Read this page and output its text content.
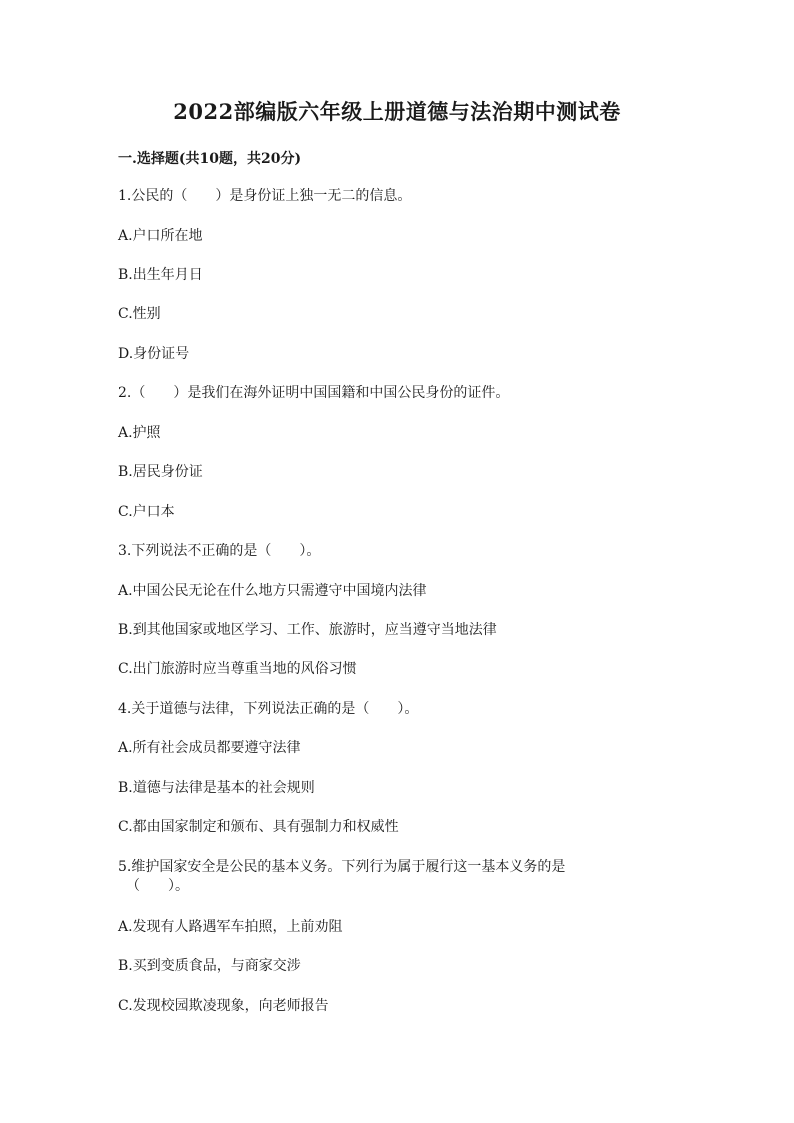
2022部编版六年级上册道德与法治期中测试卷
一.选择题(共10题，共20分)
1.公民的（　　）是身份证上独一无二的信息。
A.户口所在地
B.出生年月日
C.性别
D.身份证号
2.（　　）是我们在海外证明中国国籍和中国公民身份的证件。
A.护照
B.居民身份证
C.户口本
3.下列说法不正确的是（　　）。
A.中国公民无论在什么地方只需遵守中国境内法律
B.到其他国家或地区学习、工作、旅游时，应当遵守当地法律
C.出门旅游时应当尊重当地的风俗习惯
4.关于道德与法律，下列说法正确的是（　　）。
A.所有社会成员都要遵守法律
B.道德与法律是基本的社会规则
C.都由国家制定和颁布、具有强制力和权威性
5.维护国家安全是公民的基本义务。下列行为属于履行这一基本义务的是
（　　）。
A.发现有人路遇军车拍照，上前劝阻
B.买到变质食品，与商家交涉
C.发现校园欺凌现象，向老师报告
